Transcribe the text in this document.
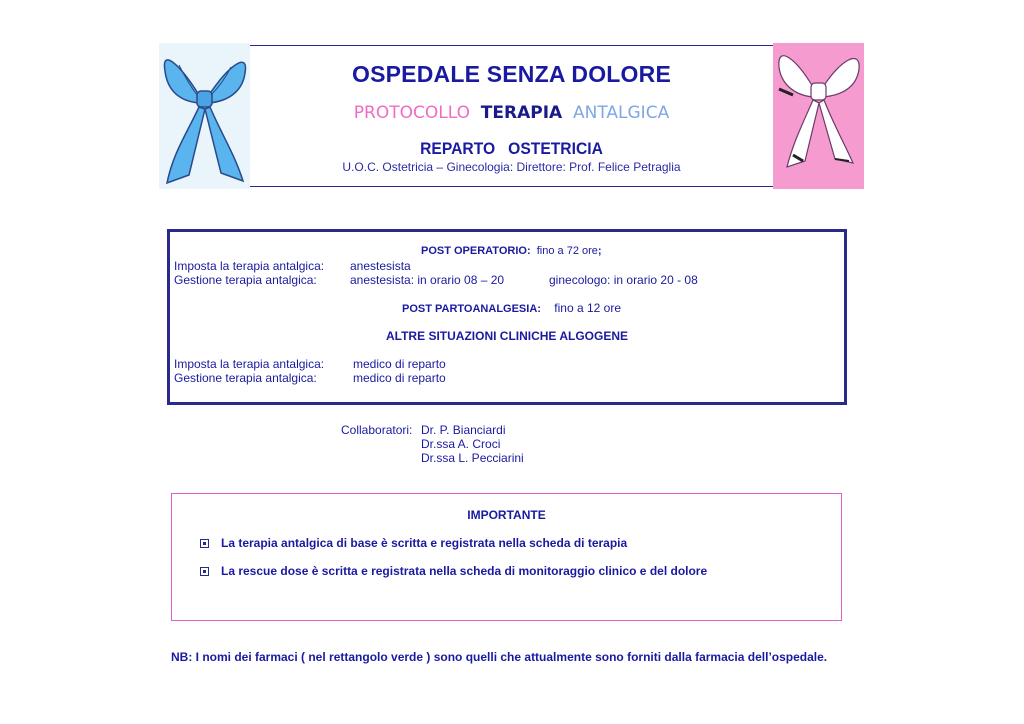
OSPEDALE SENZA DOLORE
PROTOCOLLO TERAPIA ANTALGICA
REPARTO   OSTETRICIA
U.O.C. Ostetricia – Ginecologia: Direttore: Prof. Felice Petraglia
POST OPERATORIO: fino a 72 ore;
Imposta la terapia antalgica: anestesista
Gestione terapia antalgica:	anestesista: in orario 08 – 20	ginecologo: in orario 20 - 08
POST PARTOANALGESIA: fino a 12 ore
ALTRE SITUAZIONI CLINICHE ALGOGENE
Imposta la terapia antalgica: medico di reparto
Gestione terapia antalgica:	medico di reparto
Collaboratori: Dr. P. Bianciardi
Dr.ssa A. Croci
Dr.ssa L. Pecciarini
IMPORTANTE
La terapia antalgica di base è scritta e registrata nella scheda di terapia
La rescue dose è scritta e registrata nella scheda di monitoraggio clinico e del dolore
NB: I nomi dei farmaci ( nel rettangolo verde ) sono quelli che attualmente sono forniti dalla farmacia dell’ospedale.
